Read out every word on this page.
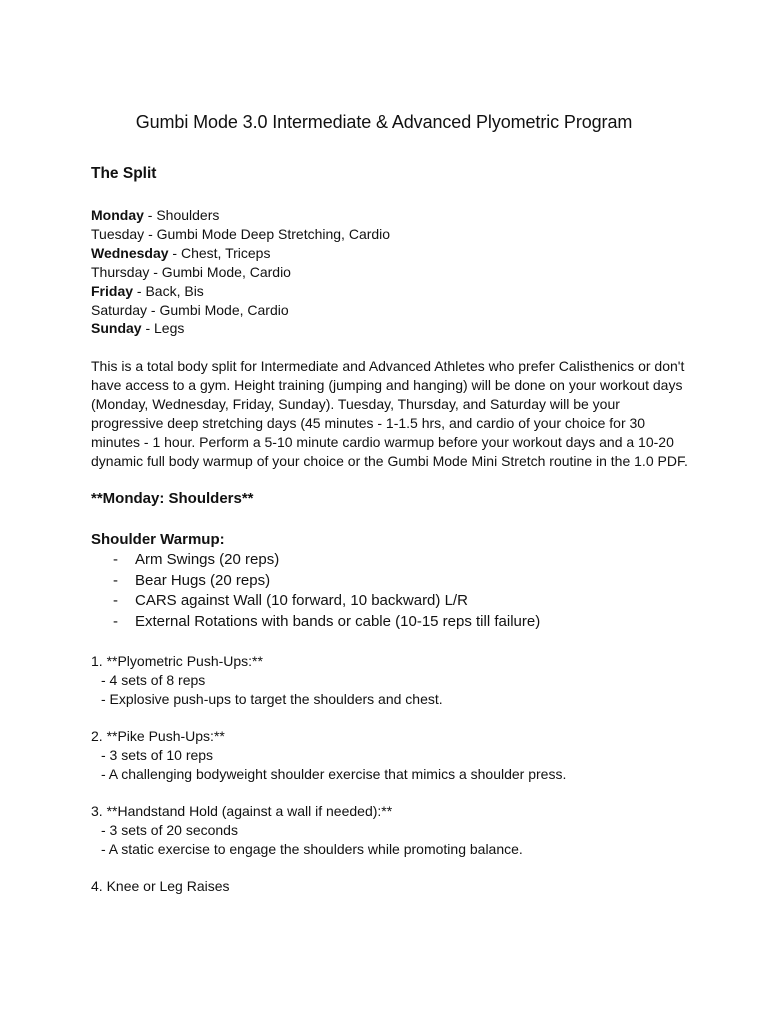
Gumbi Mode 3.0 Intermediate & Advanced Plyometric Program
The Split
Monday - Shoulders
Tuesday - Gumbi Mode Deep Stretching, Cardio
Wednesday - Chest, Triceps
Thursday - Gumbi Mode, Cardio
Friday - Back, Bis
Saturday - Gumbi Mode, Cardio
Sunday - Legs
This is a total body split for Intermediate and Advanced Athletes who prefer Calisthenics or don't have access to a gym. Height training (jumping and hanging) will be done on your workout days (Monday, Wednesday, Friday, Sunday). Tuesday, Thursday, and Saturday will be your progressive deep stretching days (45 minutes - 1-1.5 hrs, and cardio of your choice for 30 minutes - 1 hour. Perform a 5-10 minute cardio warmup before your workout days and a 10-20 dynamic full body warmup of your choice or the Gumbi Mode Mini Stretch routine in the 1.0 PDF.
**Monday: Shoulders**
Shoulder Warmup:
- Arm Swings (20 reps)
- Bear Hugs (20 reps)
- CARS against Wall (10 forward, 10 backward) L/R
- External Rotations with bands or cable (10-15 reps till failure)
1. **Plyometric Push-Ups:**
- 4 sets of 8 reps
- Explosive push-ups to target the shoulders and chest.
2. **Pike Push-Ups:**
- 3 sets of 10 reps
- A challenging bodyweight shoulder exercise that mimics a shoulder press.
3. **Handstand Hold (against a wall if needed):**
- 3 sets of 20 seconds
- A static exercise to engage the shoulders while promoting balance.
4. Knee or Leg Raises
